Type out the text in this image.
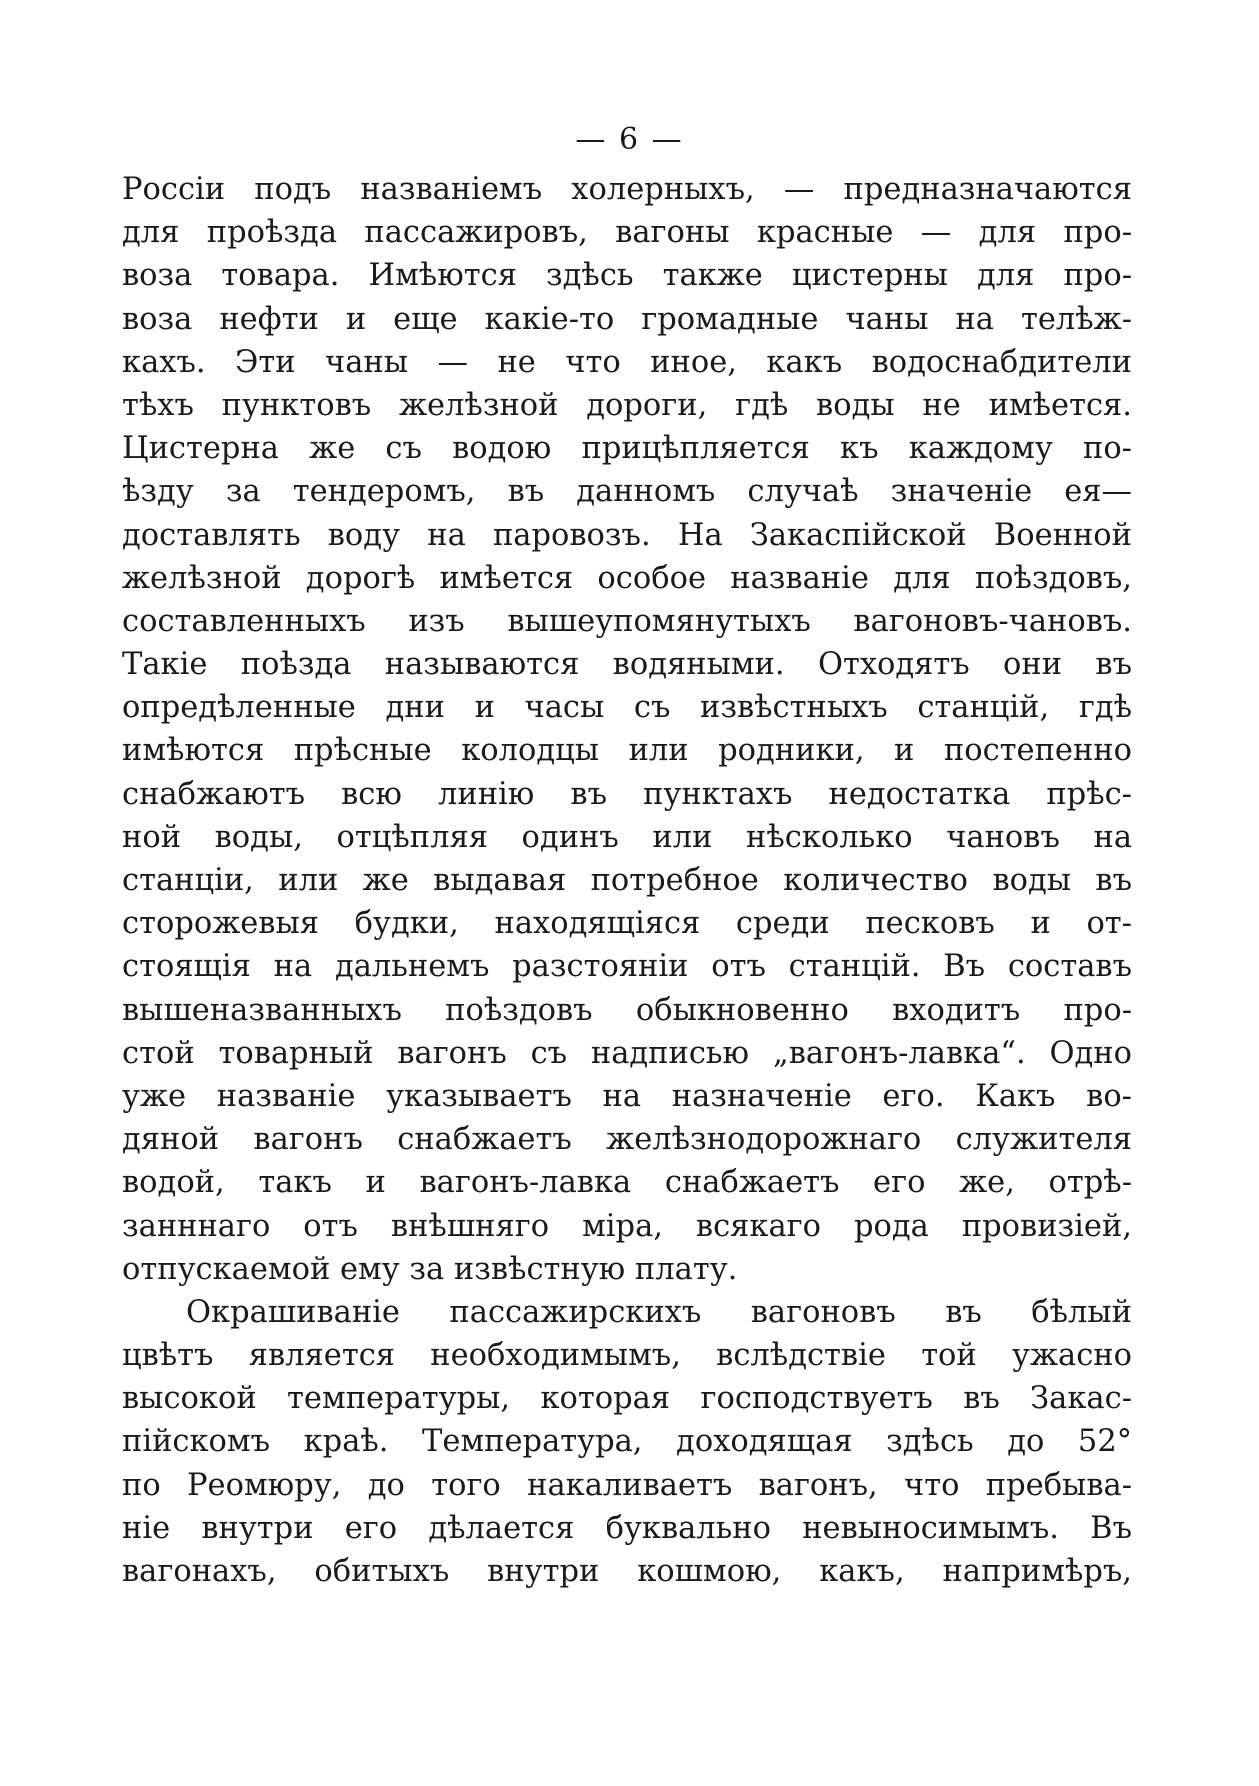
— 6 —
Россіи подъ названіемъ холерныхъ, — предназначаются
для проѣзда пассажировъ, вагоны красные — для про-
воза товара. Имѣются здѣсь также цистерны для про-
воза нефти и еще какіе-то громадные чаны на телѣж-
кахъ. Эти чаны — не что иное, какъ водоснабдители
тѣхъ пунктовъ желѣзной дороги, гдѣ воды не имѣется.
Цистерна же съ водою прицѣпляется къ каждому по-
ѣзду за тендеромъ, въ данномъ случаѣ значеніе ея—
доставлять воду на паровозъ. На Закаспійской Военной
желѣзной дорогѣ имѣется особое названіе для поѣздовъ,
составленныхъ изъ вышеупомянутыхъ вагоновъ-чановъ.
Такіе поѣзда называются водяными. Отходятъ они въ
опредѣленные дни и часы съ извѣстныхъ станцій, гдѣ
имѣются прѣсные колодцы или родники, и постепенно
снабжаютъ всю линію въ пунктахъ недостатка прѣс-
ной воды, отцѣпляя одинъ или нѣсколько чановъ на
станціи, или же выдавая потребное количество воды въ
сторожевыя будки, находящіяся среди песковъ и от-
стоящія на дальнемъ разстояніи отъ станцій. Въ составъ
вышеназванныхъ поѣздовъ обыкновенно входитъ про-
стой товарный вагонъ съ надписью „вагонъ-лавка“. Одно
уже названіе указываетъ на назначеніе его. Какъ во-
дяной вагонъ снабжаетъ желѣзнодорожнаго служителя
водой, такъ и вагонъ-лавка снабжаетъ его же, отрѣ-
занннаго отъ внѣшняго міра, всякаго рода провизіей,
отпускаемой ему за извѣстную плату.
Окрашиваніе пассажирскихъ вагоновъ въ бѣлый
цвѣтъ является необходимымъ, вслѣдствіе той ужасно
высокой температуры, которая господствуетъ въ Закас-
пійскомъ краѣ. Температура, доходящая здѣсь до 52°
по Реомюру, до того накаливаетъ вагонъ, что пребыва-
ніе внутри его дѣлается буквально невыносимымъ. Въ
вагонахъ, обитыхъ внутри кошмою, какъ, напримѣръ,
